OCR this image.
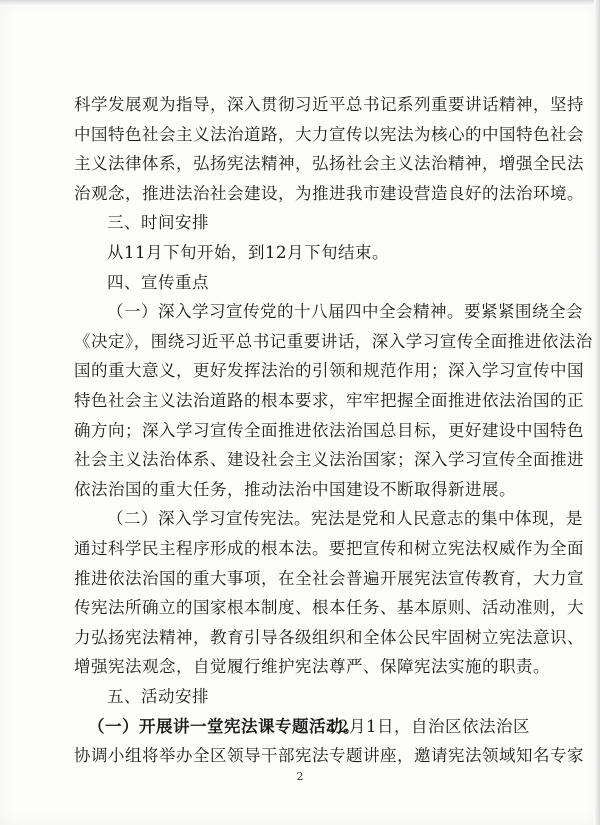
科学发展观为指导，深入贯彻习近平总书记系列重要讲话精神，坚持
中国特色社会主义法治道路，大力宣传以宪法为核心的中国特色社会
主义法律体系，弘扬宪法精神，弘扬社会主义法治精神，增强全民法
治观念，推进法治社会建设，为推进我市建设营造良好的法治环境。
三、时间安排
从11月下旬开始，到12月下旬结束。
四、宣传重点
（一）深入学习宣传党的十八届四中全会精神。要紧紧围绕全会
《决定》，围绕习近平总书记重要讲话，深入学习宣传全面推进依法治
国的重大意义，更好发挥法治的引领和规范作用；深入学习宣传中国
特色社会主义法治道路的根本要求，牢牢把握全面推进依法治国的正
确方向；深入学习宣传全面推进依法治国总目标，更好建设中国特色
社会主义法治体系、建设社会主义法治国家；深入学习宣传全面推进
依法治国的重大任务，推动法治中国建设不断取得新进展。
（二）深入学习宣传宪法。宪法是党和人民意志的集中体现，是
通过科学民主程序形成的根本法。要把宣传和树立宪法权威作为全面
推进依法治国的重大事项，在全社会普遍开展宪法宣传教育，大力宣
传宪法所确立的国家根本制度、根本任务、基本原则、活动准则，大
力弘扬宪法精神，教育引导各级组织和全体公民牢固树立宪法意识、
增强宪法观念，自觉履行维护宪法尊严、保障宪法实施的职责。
五、活动安排
（一）开展讲一堂宪法课专题活动。
12月1日，自治区依法治区
协调小组将举办全区领导干部宪法专题讲座，邀请宪法领域知名专家
2
